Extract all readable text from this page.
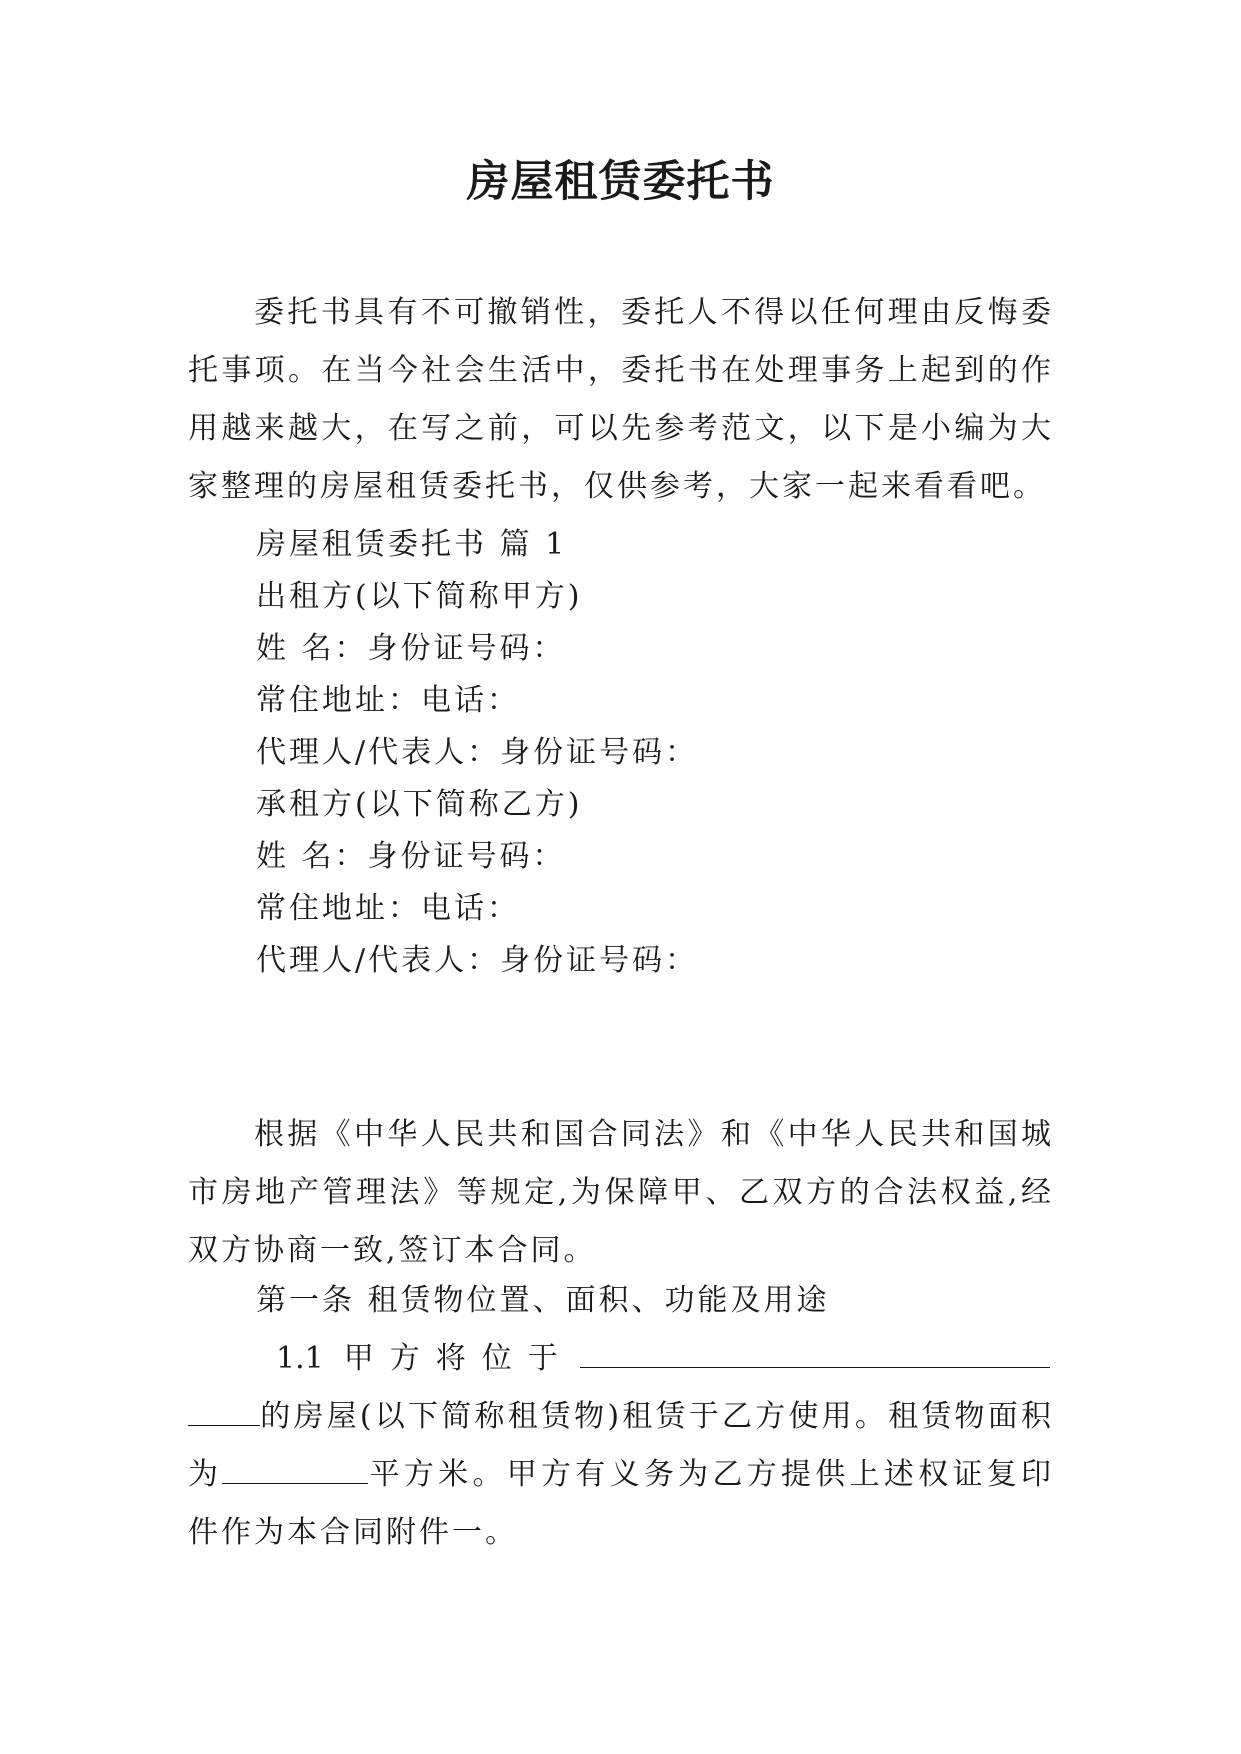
房屋租赁委托书

委托书具有不可撤销性，委托人不得以任何理由反悔委托事项。在当今社会生活中，委托书在处理事务上起到的作用越来越大，在写之前，可以先参考范文，以下是小编为大家整理的房屋租赁委托书，仅供参考，大家一起来看看吧。

房屋租赁委托书 篇 1

出租方(以下简称甲方)

姓 名：身份证号码：

常住地址：电话：

代理人/代表人：身份证号码：

承租方(以下简称乙方)

姓 名：身份证号码：

常住地址：电话：

代理人/代表人：身份证号码：

根据《中华人民共和国合同法》和《中华人民共和国城市房地产管理法》等规定,为保障甲、乙双方的合法权益,经双方协商一致,签订本合同。

第一条 租赁物位置、面积、功能及用途

1.1 甲方将位于

的房屋(以下简称租赁物)租赁于乙方使用。租赁物面积为	平方米。甲方有义务为乙方提供上述权证复印件作为本合同附件一。
